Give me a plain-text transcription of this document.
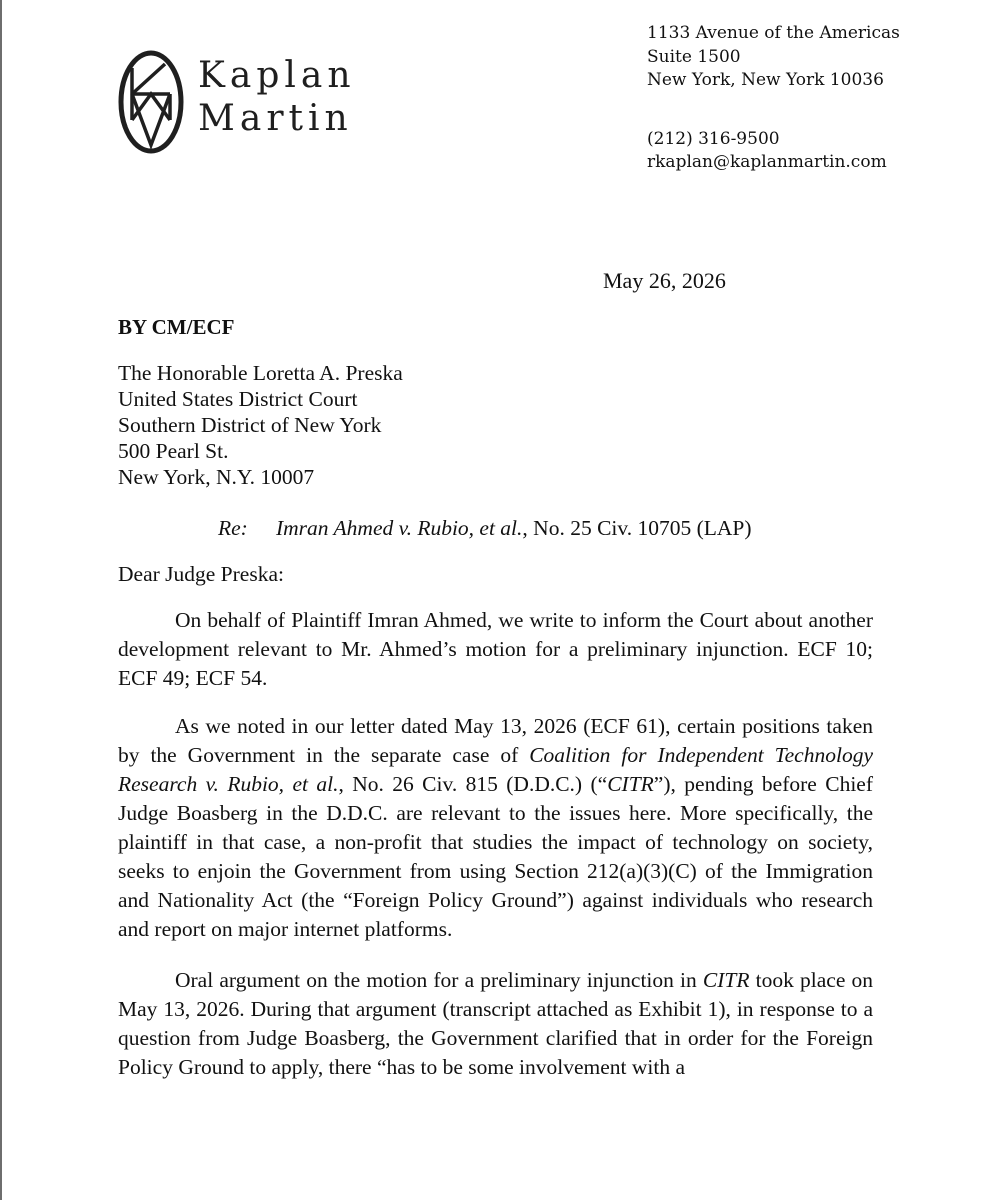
Kaplan
Martin
1133 Avenue of the Americas
Suite 1500
New York, New York 10036
(212) 316-9500
rkaplan@kaplanmartin.com
May 26, 2026
BY CM/ECF
The Honorable Loretta A. Preska
United States District Court
Southern District of New York
500 Pearl St.
New York, N.Y. 10007
Re: Imran Ahmed v. Rubio, et al., No. 25 Civ. 10705 (LAP)
Dear Judge Preska:

On behalf of Plaintiff Imran Ahmed, we write to inform the Court about another development relevant to Mr. Ahmed’s motion for a preliminary injunction. ECF 10; ECF 49; ECF 54.

As we noted in our letter dated May 13, 2026 (ECF 61), certain positions taken by the Government in the separate case of Coalition for Independent Technology Research v. Rubio, et al., No. 26 Civ. 815 (D.D.C.) (“CITR”), pending before Chief Judge Boasberg in the D.D.C. are relevant to the issues here. More specifically, the plaintiff in that case, a non-profit that studies the impact of technology on society, seeks to enjoin the Government from using Section 212(a)(3)(C) of the Immigration and Nationality Act (the “Foreign Policy Ground”) against individuals who research and report on major internet platforms.

Oral argument on the motion for a preliminary injunction in CITR took place on May 13, 2026. During that argument (transcript attached as Exhibit 1), in response to a question from Judge Boasberg, the Government clarified that in order for the Foreign Policy Ground to apply, there “has to be some involvement with a
